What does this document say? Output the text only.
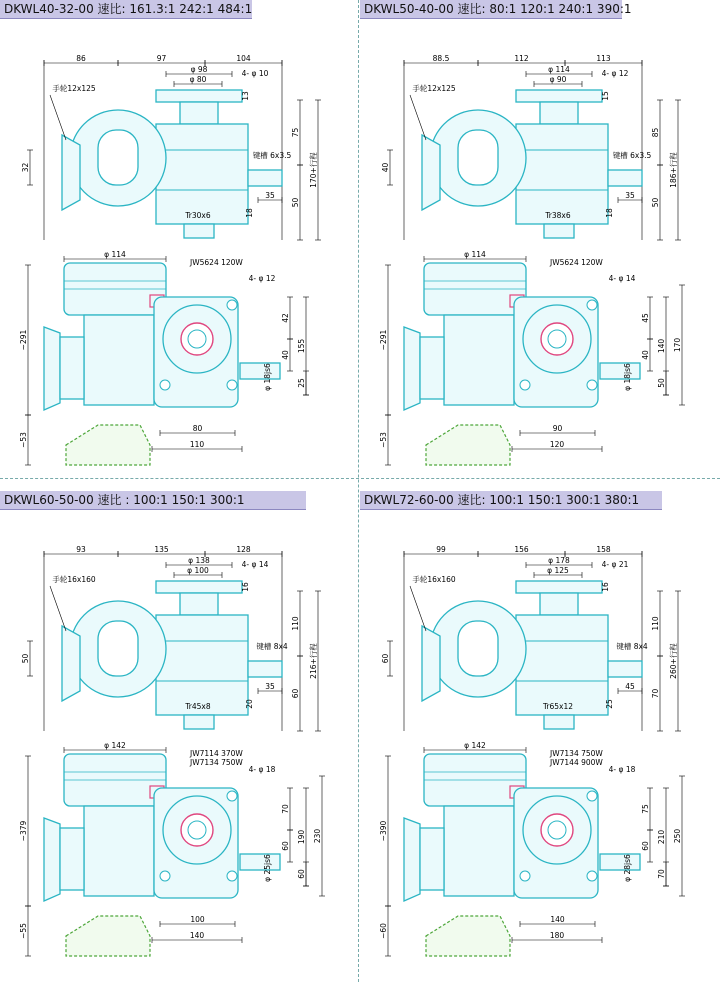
DKWL40-32-00 速比: 161.3:1 242:1 484:1
86	97	104
φ 98
φ 80
4- φ 10
13
手轮12x125
32
键槽 6x3.5
35
18
Tr30x6
75
170+行程
50
φ 114
JW5624 120W
4- φ 12
φ 18js6
~291
~53
42
40
25
155
80
110
DKWL50-40-00 速比: 80:1 120:1 240:1 390:1
88.5	112	113
φ 114
φ 90
4- φ 12
15
手轮12x125
40
键槽 6x3.5
35
18
Tr38x6
85
186+行程
50
φ 114
JW5624 120W
4- φ 14
φ 18js6
~291
~53
45
40
50
140 170
90
120
DKWL60-50-00 速比 : 100:1 150:1 300:1
93	135	128
φ 138
φ 100
4- φ 14
16
手轮16x160
50
键槽 8x4
35
20
Tr45x8
110
216+行程
60
φ 142
JW7114 370W
JW7134 750W
4- φ 18
φ 25js6
~379
~55
70
60
60
190 230
100
140
DKWL72-60-00 速比: 100:1 150:1 300:1 380:1
99	156	158
φ 178
φ 125
4- φ 21
16
手轮16x160
60
键槽 8x4
45
25
Tr65x12
110
260+行程
70
φ 142
JW7134 750W
JW7144 900W
4- φ 18
φ 28js6
~390
~60
75
60
70
210 250
140
180
